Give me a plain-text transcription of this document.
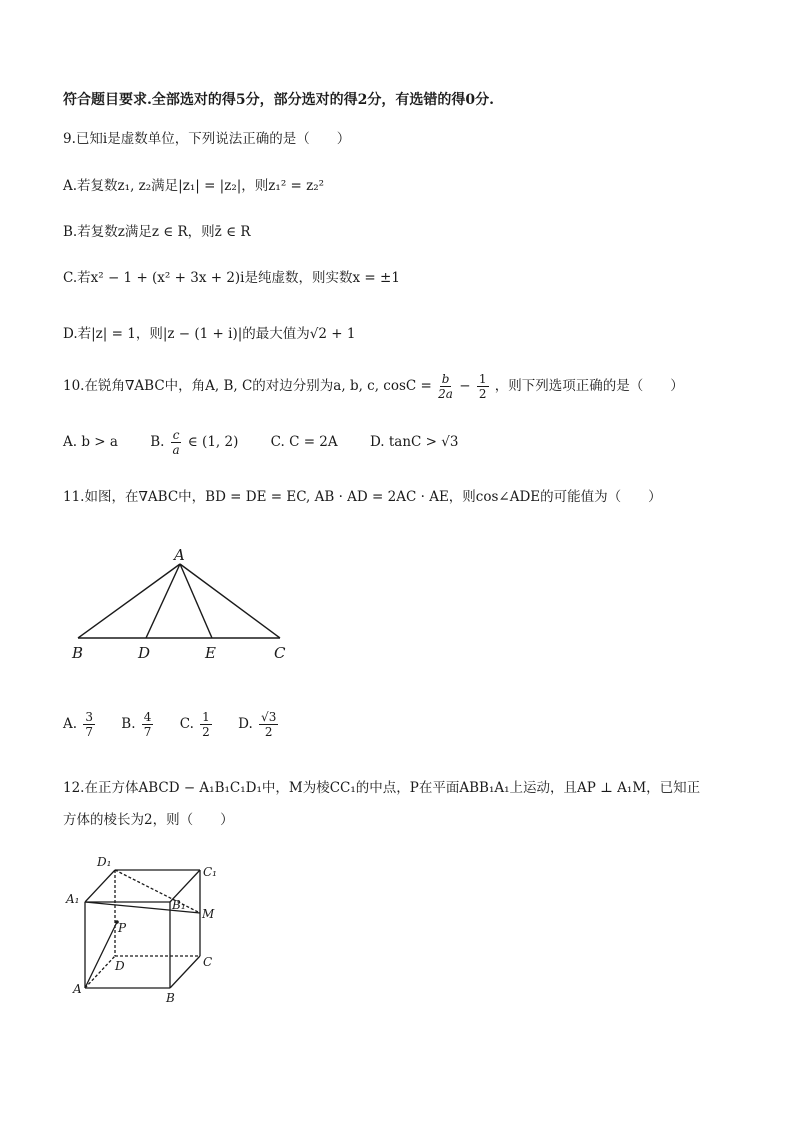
符合题目要求.全部选对的得5分，部分选对的得2分，有选错的得0分.
9.已知i是虚数单位，下列说法正确的是（　　）
A.若复数z₁, z₂满足|z₁| = |z₂|，则z₁² = z₂²
B.若复数z满足z ∈ R，则z̄ ∈ R
C.若x² − 1 + (x² + 3x + 2)i是纯虚数，则实数x = ±1
D.若|z| = 1，则|z − (1 + i)|的最大值为√2 + 1
10.在锐角∇ABC中，角A, B, C的对边分别为a, b, c, $\cos C = \frac{b}{2a} - \frac{1}{2}$ ，则下列选项正确的是（　　）
A. b > a B. $\frac{c}{a}$ ∈ (1, 2) C. C = 2A D. tanC > √3
11.如图，在∇ABC中，BD = DE = EC, AB · AD = 2AC · AE，则cos∠ADE的可能值为（　　）
A
B	D	E	C
A. $\frac{3}{7} B$. $\frac{4}{7} C$. $\frac{1}{2} D$. $\frac{√3}{2}$
12.在正方体ABCD − A₁B₁C₁D₁中，M为棱CC₁的中点，P在平面ABB₁A₁上运动，且AP ⊥ A₁M，已知正
方体的棱长为2，则（　　）
D₁
C₁
A₁	B₁
M
P
D	C
A
B
